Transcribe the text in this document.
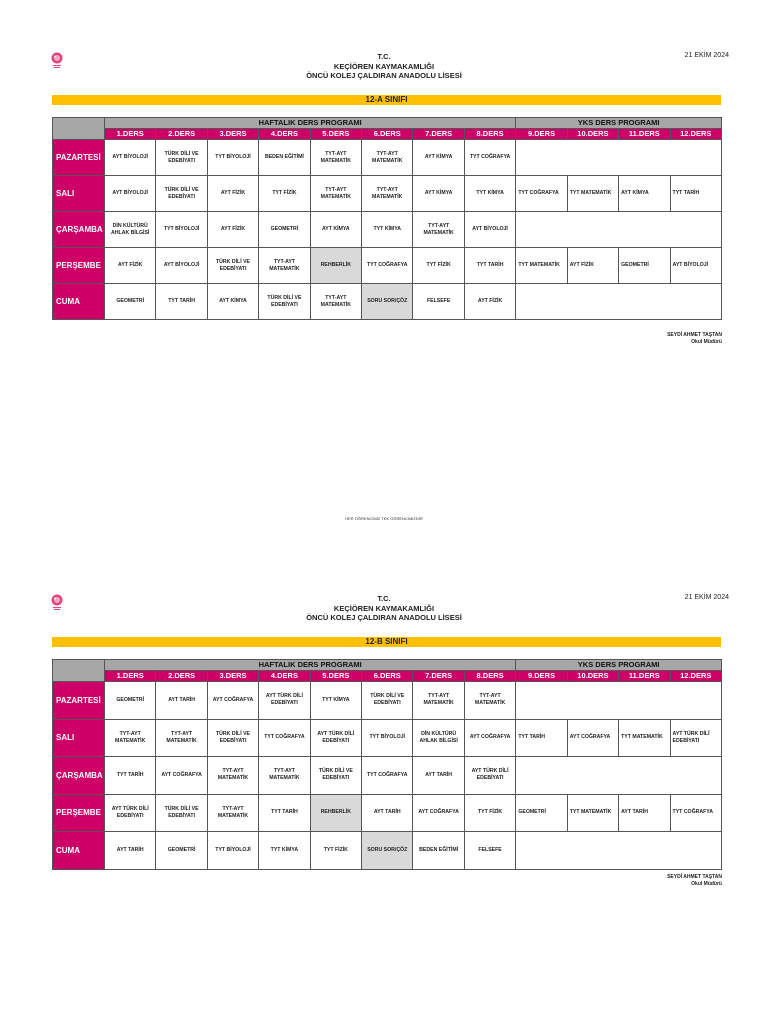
T.C.
KEÇİÖREN KAYMAKAMLIĞI
ÖNCÜ KOLEJ ÇALDIRAN ANADOLU LİSESİ
21 EKİM 2024
12-A SINIFI
	HAFTALIK DERS PROGRAMI								YKS DERS PROGRAMI			
	1.DERS	2.DERS	3.DERS	4.DERS	5.DERS	6.DERS	7.DERS	8.DERS	9.DERS	10.DERS	11.DERS	12.DERS
PAZARTESİ	AYT BİYOLOJİ	TÜRK DİLİ VE EDEBİYATI	TYT BİYOLOJİ	BEDEN EĞİTİMİ	TYT-AYT MATEMATİK	TYT-AYT MATEMATİK	AYT KİMYA	TYT COĞRAFYA				
SALI	AYT BİYOLOJİ	TÜRK DİLİ VE EDEBİYATI	AYT FİZİK	TYT FİZİK	TYT-AYT MATEMATİK	TYT-AYT MATEMATİK	AYT KİMYA	TYT KİMYA	TYT COĞRAFYA	TYT MATEMATİK	AYT KİMYA	TYT TARİH
ÇARŞAMBA	DİN KÜLTÜRÜ AHLAK BİLGİSİ	TYT BİYOLOJİ	AYT FİZİK	GEOMETRİ	AYT KİMYA	TYT KİMYA	TYT-AYT MATEMATİK	AYT BİYOLOJİ				
PERŞEMBE	AYT FİZİK	AYT BİYOLOJİ	TÜRK DİLİ VE EDEBİYATI	TYT-AYT MATEMATİK	REHBERLİK	TYT COĞRAFYA	TYT FİZİK	TYT TARİH	TYT MATEMATİK	AYT FİZİK	GEOMETRİ	AYT BİYOLOJİ
CUMA	GEOMETRİ	TYT TARİH	AYT KİMYA	TÜRK DİLİ VE EDEBİYATI	TYT-AYT MATEMATİK	SORU SOR/ÇÖZ	FELSEFE	AYT FİZİK				
SEYDİ AHMET TAŞTAN
Okul Müdürü
HER ÖĞRENCİMİZ TEK ÖĞRENCİMİZDİR
T.C.
KEÇİÖREN KAYMAKAMLIĞI
ÖNCÜ KOLEJ ÇALDIRAN ANADOLU LİSESİ
21 EKİM 2024
12-B SINIFI
	HAFTALIK DERS PROGRAMI								YKS DERS PROGRAMI			
	1.DERS	2.DERS	3.DERS	4.DERS	5.DERS	6.DERS	7.DERS	8.DERS	9.DERS	10.DERS	11.DERS	12.DERS
PAZARTESİ	GEOMETRİ	AYT TARİH	AYT COĞRAFYA	AYT TÜRK DİLİ EDEBİYATI	TYT KİMYA	TÜRK DİLİ VE EDEBİYATI	TYT-AYT MATEMATİK	TYT-AYT MATEMATİK				
SALI	TYT-AYT MATEMATİK	TYT-AYT MATEMATİK	TÜRK DİLİ VE EDEBİYATI	TYT COĞRAFYA	AYT TÜRK DİLİ EDEBİYATI	TYT BİYOLOJİ	DİN KÜLTÜRÜ AHLAK BİLGİSİ	AYT COĞRAFYA	TYT TARİH	AYT COĞRAFYA	TYT MATEMATİK	AYT TÜRK DİLİ EDEBİYATI
ÇARŞAMBA	TYT TARİH	AYT COĞRAFYA	TYT-AYT MATEMATİK	TYT-AYT MATEMATİK	TÜRK DİLİ VE EDEBİYATI	TYT COĞRAFYA	AYT TARİH	AYT TÜRK DİLİ EDEBİYATI				
PERŞEMBE	AYT TÜRK DİLİ EDEBİYATI	TÜRK DİLİ VE EDEBİYATI	TYT-AYT MATEMATİK	TYT TARİH	REHBERLİK	AYT TARİH	AYT COĞRAFYA	TYT FİZİK	GEOMETRİ	TYT MATEMATİK	AYT TARİH	TYT COĞRAFYA
CUMA	AYT TARİH	GEOMETRİ	TYT BİYOLOJİ	TYT KİMYA	TYT FİZİK	SORU SOR/ÇÖZ	BEDEN EĞİTİMİ	FELSEFE				
SEYDİ AHMET TAŞTAN
Okul Müdürü
